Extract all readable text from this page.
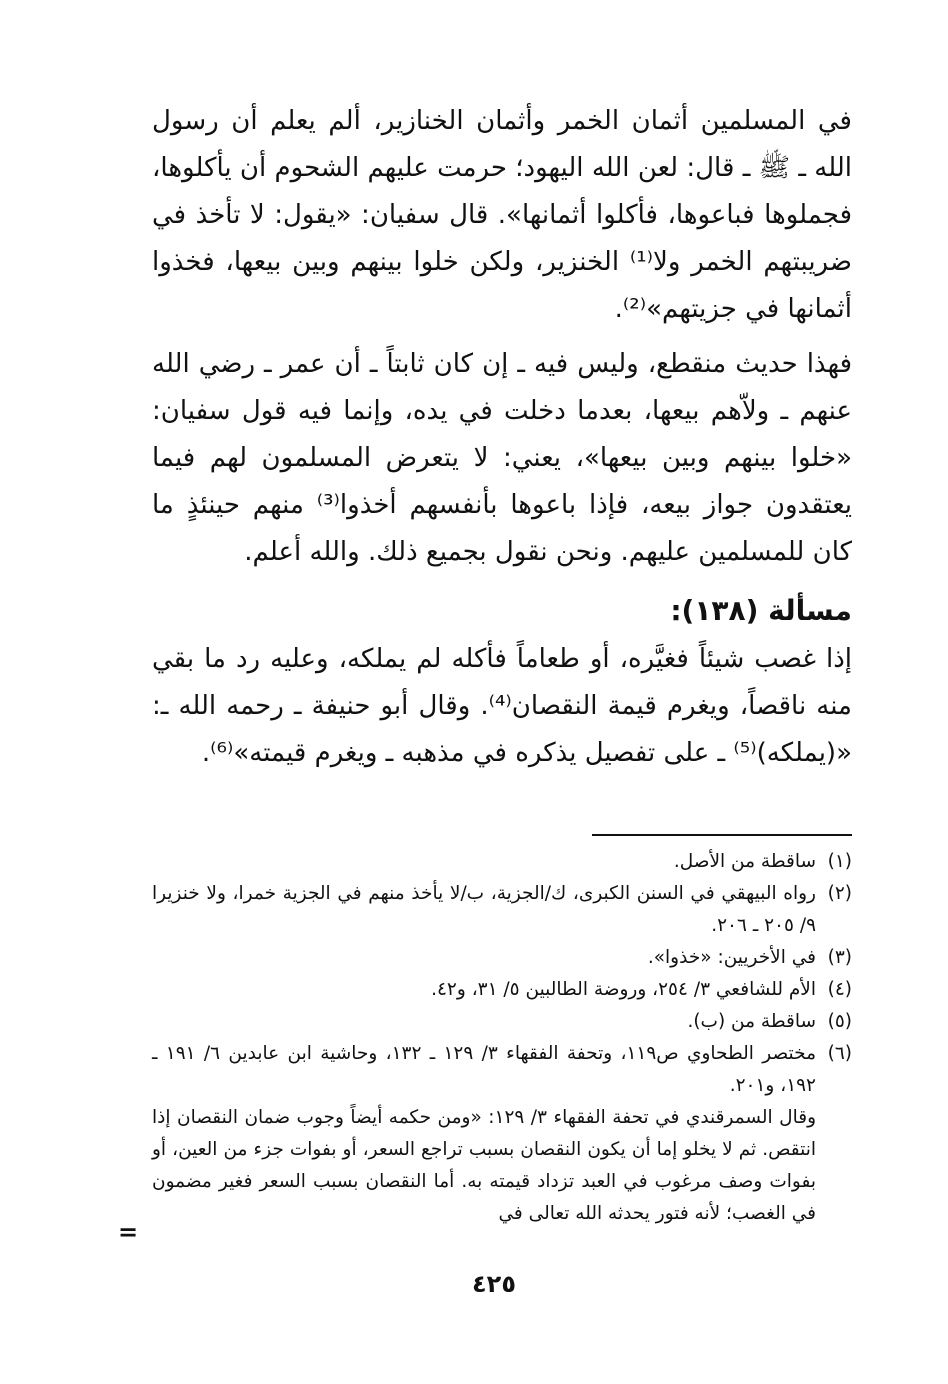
في المسلمين أثمان الخمر وأثمان الخنازير، ألم يعلم أن رسول الله ـ ﷺ ـ قال: لعن الله اليهود؛ حرمت عليهم الشحوم أن يأكلوها، فجملوها فباعوها، فأكلوا أثمانها». قال سفيان: «يقول: لا تأخذ في ضريبتهم الخمر ولا⁽¹⁾ الخنزير، ولكن خلوا بينهم وبين بيعها، فخذوا أثمانها في جزيتهم»⁽²⁾.

فهذا حديث منقطع، وليس فيه ـ إن كان ثابتاً ـ أن عمر ـ رضي الله عنهم ـ ولاّهم بيعها، بعدما دخلت في يده، وإنما فيه قول سفيان: «خلوا بينهم وبين بيعها»، يعني: لا يتعرض المسلمون لهم فيما يعتقدون جواز بيعه، فإذا باعوها بأنفسهم أخذوا⁽³⁾ منهم حينئذٍ ما كان للمسلمين عليهم. ونحن نقول بجميع ذلك. والله أعلم.

مسألة (١٣٨):

إذا غصب شيئاً فغيَّره، أو طعاماً فأكله لم يملكه، وعليه رد ما بقي منه ناقصاً، ويغرم قيمة النقصان⁽⁴⁾. وقال أبو حنيفة ـ رحمه الله ـ: «(يملكه)⁽⁵⁾ ـ على تفصيل يذكره في مذهبه ـ ويغرم قيمته»⁽⁶⁾.

(١)
ساقطة من الأصل.
(٢)
رواه البيهقي في السنن الكبرى، ك/الجزية، ب/لا يأخذ منهم في الجزية خمرا، ولا خنزيرا ٩/ ٢٠٥ ـ ٢٠٦.
(٣)
في الأخريين: «خذوا».
(٤)
الأم للشافعي ٣/ ٢٥٤، وروضة الطالبين ٥/ ٣١، و٤٢.
(٥)
ساقطة من (ب).
(٦)
مختصر الطحاوي ص١١٩، وتحفة الفقهاء ٣/ ١٢٩ ـ ١٣٢، وحاشية ابن عابدين ٦/ ١٩١ ـ ١٩٢، و٢٠١.
وقال السمرقندي في تحفة الفقهاء ٣/ ١٢٩: «ومن حكمه أيضاً وجوب ضمان النقصان إذا انتقص. ثم لا يخلو إما أن يكون النقصان بسبب تراجع السعر، أو بفوات جزء من العين، أو بفوات وصف مرغوب في العبد تزداد قيمته به. أما النقصان بسبب السعر فغير مضمون في الغصب؛ لأنه فتور يحدثه الله تعالى في
=
٤٢٥
